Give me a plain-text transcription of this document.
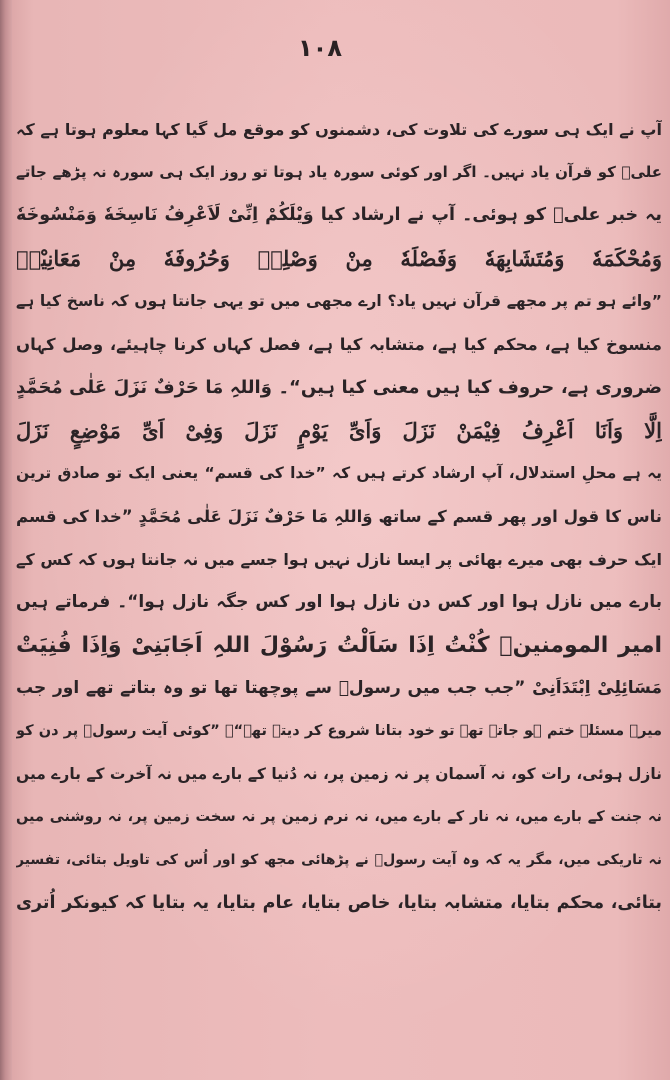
۱۰۸
آپ نے ایک ہی سورے کی تلاوت کی، دشمنوں کو موقع مل گیا کہا معلوم ہوتا ہے کہ
علیؑ کو قرآن یاد نہیں۔ اگر اور کوئی سورہ یاد ہوتا تو روز ایک ہی سورہ نہ پڑھے جاتے
یہ خبر علیؑ کو ہوئی۔ آپ نے ارشاد کیا وَیْلَکُمْ اِنِّیْ لَاَعْرِفُ نَاسِخَهٗ وَمَنْسُوخَهٗ
وَمُحْکَمَهٗ وَمُتَشَابِهَهٗ وَفَصْلَهٗ مِنْ وَصْلِهٖ وَحُرُوفَهٗ مِنْ مَعَانِیْهٖ
”وائے ہو تم پر مجھے قرآن نہیں یاد؟ ارے مجھی میں تو یہی جانتا ہوں کہ ناسخ کیا ہے
منسوخ کیا ہے، محکم کیا ہے، متشابہ کیا ہے، فصل کہاں کرنا چاہیئے، وصل کہاں
ضروری ہے، حروف کیا ہیں معنی کیا ہیں“۔ وَاللہِ مَا حَرْفٌ نَزَلَ عَلٰی مُحَمَّدٍ
اِلَّا وَاَنَا اَعْرِفُ فِیْمَنْ نَزَلَ وَاَیِّ یَوْمٍ نَزَلَ وَفِیْ اَیِّ مَوْضِعٍ نَزَلَ
یہ ہے محلِ استدلال، آپ ارشاد کرتے ہیں کہ ”خدا کی قسم“ یعنی ایک تو صادق ترین
ناس کا قول اور پھر قسم کے ساتھ وَاللہِ مَا حَرْفٌ نَزَلَ عَلٰی مُحَمَّدٍ ”خدا کی قسم
ایک حرف بھی میرے بھائی پر ایسا نازل نہیں ہوا جسے میں نہ جانتا ہوں کہ کس کے
بارے میں نازل ہوا اور کس دن نازل ہوا اور کس جگہ نازل ہوا“۔ فرماتے ہیں
امیر المومنینؑ کُنْتُ اِذَا سَاَلْتُ رَسُوْلَ اللہِ اَجَابَنِیْ وَاِذَا فُنِیَتْ
مَسَائِلِیْ اِبْتَدَاَنِیْ ”جب جب میں رسولؐ سے پوچھتا تھا تو وہ بتاتے تھے اور جب
میرے مسئلے ختم ہو جاتے تھے تو خود بتانا شروع کر دیتے تھے“۔ ”کوئی آیت رسولؐ پر دن کو
نازل ہوئی، رات کو، نہ آسمان پر نہ زمین پر، نہ دُنیا کے بارے میں نہ آخرت کے بارے میں
نہ جنت کے بارے میں، نہ نار کے بارے میں، نہ نرم زمین پر نہ سخت زمین پر، نہ روشنی میں
نہ تاریکی میں، مگر یہ کہ وہ آیت رسولؐ نے پڑھائی مجھ کو اور اُس کی تاویل بتائی، تفسیر
بتائی، محکم بتایا، متشابہ بتایا، خاص بتایا، عام بتایا، یہ بتایا کہ کیونکر اُتری
